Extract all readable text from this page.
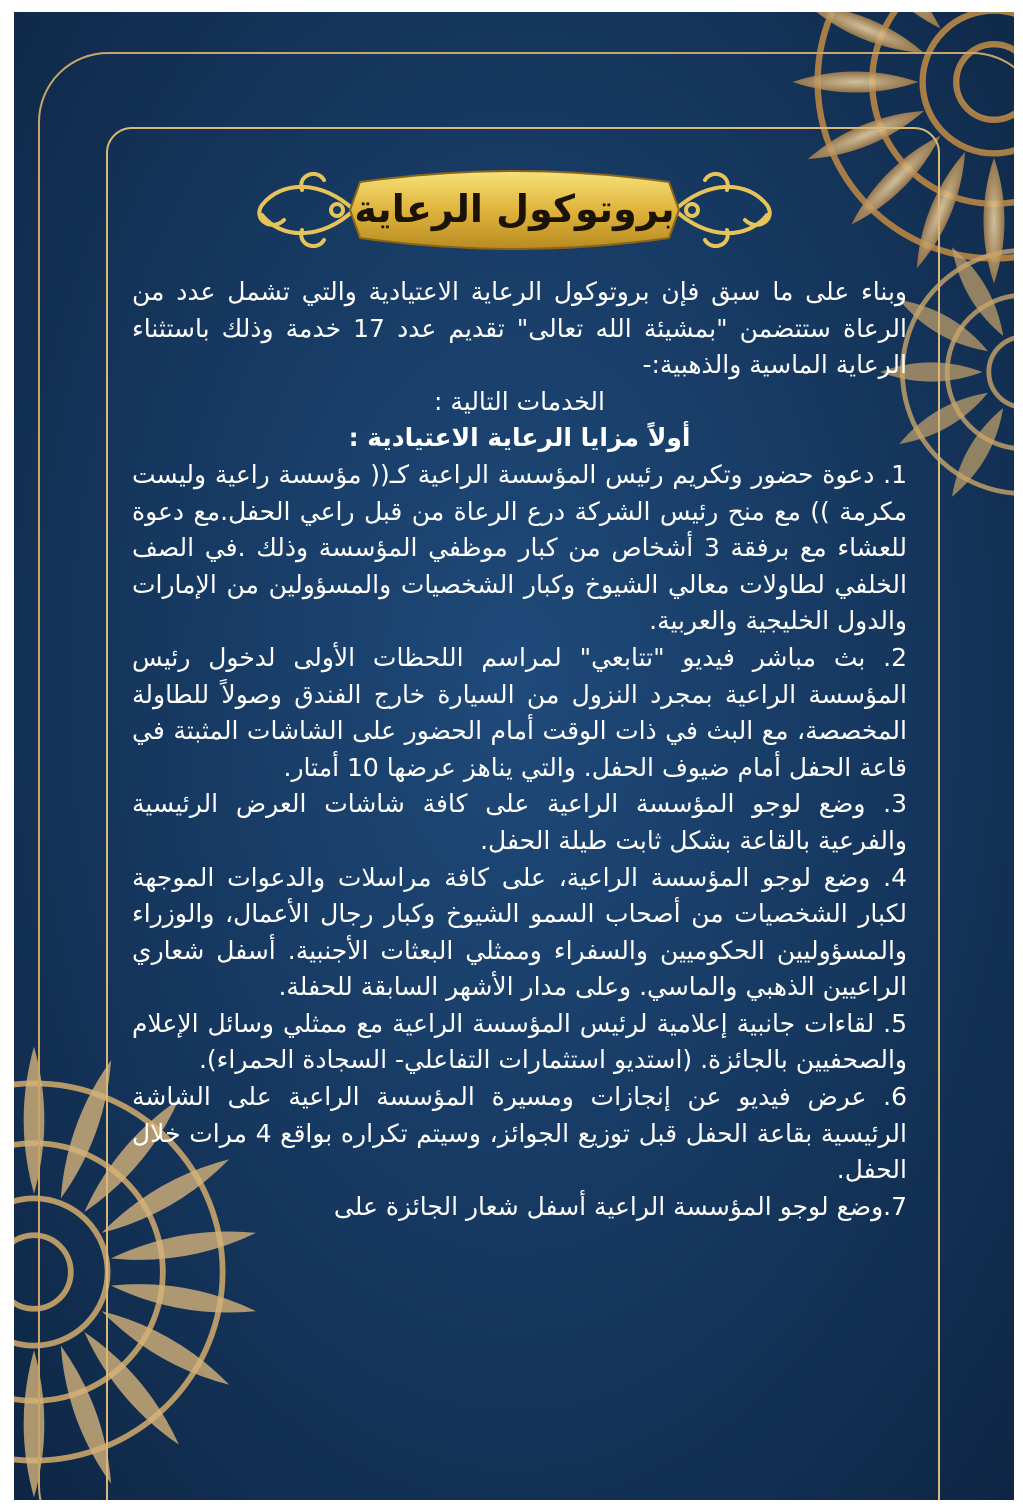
بروتوكول الرعاية

وبناء على ما سبق فإن بروتوكول الرعاية الاعتيادية والتي تشمل عدد من الرعاة ستتضمن "بمشيئة الله تعالى" تقديم عدد 17 خدمة وذلك باستثناء الرعاية الماسية والذهبية:-

الخدمات التالية :

أولاً مزايا الرعاية الاعتيادية :

1. دعوة حضور وتكريم رئيس المؤسسة الراعية كـ(( مؤسسة راعية وليست مكرمة )) مع منح رئيس الشركة درع الرعاة من قبل راعي الحفل.مع دعوة للعشاء مع برفقة 3 أشخاص من كبار موظفي المؤسسة وذلك .في الصف الخلفي لطاولات معالي الشيوخ وكبار الشخصيات والمسؤولين من الإمارات والدول الخليجية والعربية.

2. بث مباشر فيديو "تتابعي" لمراسم اللحظات الأولى لدخول رئيس المؤسسة الراعية بمجرد النزول من السيارة خارج الفندق وصولاً للطاولة المخصصة، مع البث في ذات الوقت أمام الحضور على الشاشات المثبتة في قاعة الحفل أمام ضيوف الحفل. والتي يناهز عرضها 10 أمتار.

3. وضع لوجو المؤسسة الراعية على كافة شاشات العرض الرئيسية والفرعية بالقاعة بشكل ثابت طيلة الحفل.

4. وضع لوجو المؤسسة الراعية، على كافة مراسلات والدعوات الموجهة لكبار الشخصيات من أصحاب السمو الشيوخ وكبار رجال الأعمال، والوزراء والمسؤوليين الحكوميين والسفراء وممثلي البعثات الأجنبية. أسفل شعاري الراعيين الذهبي والماسي. وعلى مدار الأشهر السابقة للحفلة.

5. لقاءات جانبية إعلامية لرئيس المؤسسة الراعية مع ممثلي وسائل الإعلام والصحفيين بالجائزة. (استديو استثمارات التفاعلي- السجادة الحمراء).

6. عرض فيديو عن إنجازات ومسيرة المؤسسة الراعية على الشاشة الرئيسية بقاعة الحفل قبل توزيع الجوائز، وسيتم تكراره بواقع 4 مرات خلال الحفل.

7.وضع لوجو المؤسسة الراعية أسفل شعار الجائزة على
